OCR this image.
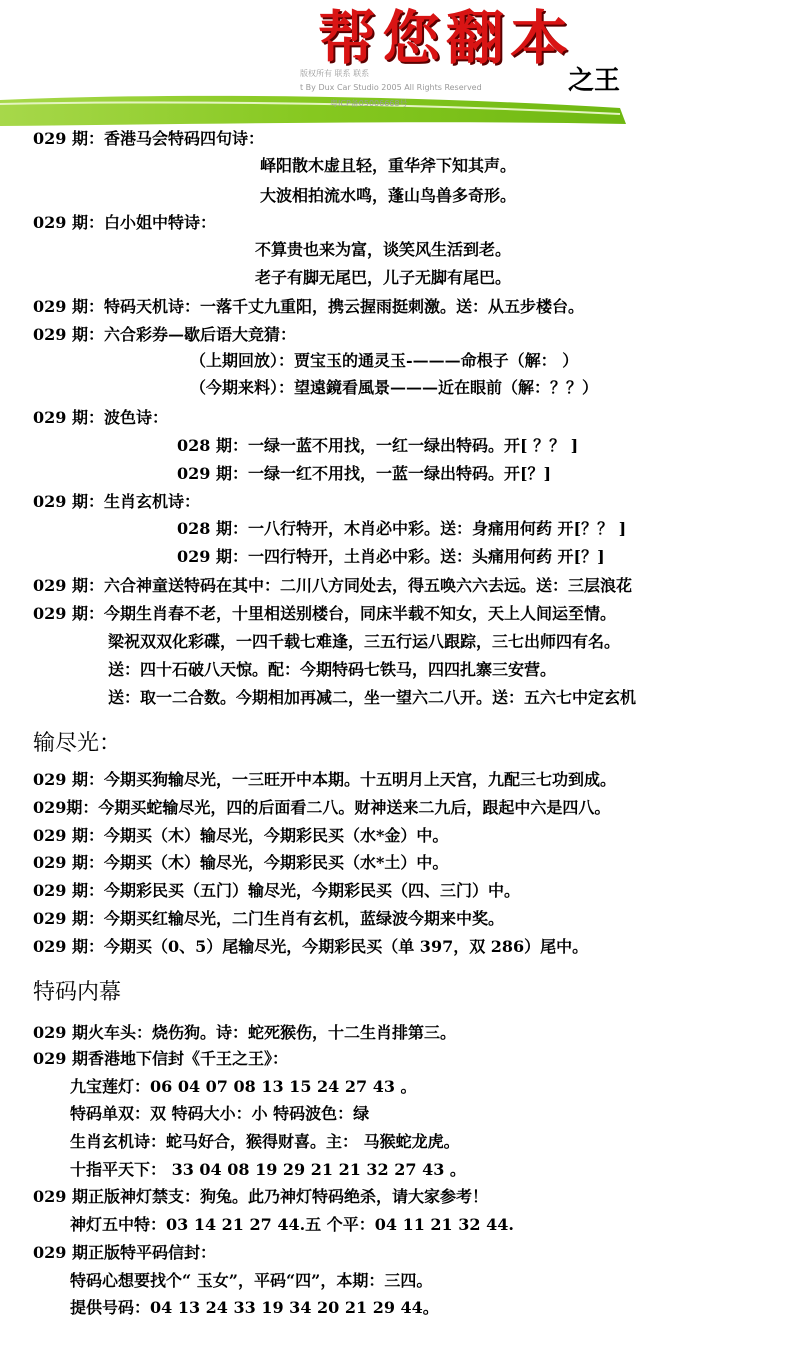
帮您翻本
之王
版权所有 联系 联系
t By Dux Car Studio 2005 All Rights Reserved
粤ICP备05006668号
029 期：香港马会特码四句诗：
峄阳散木虚且轻，重华斧下知其声。
大波相拍流水鸣，蓬山鸟兽多奇形。
029 期：白小姐中特诗：
不算贵也来为富，谈笑风生活到老。
老子有脚无尾巴，儿子无脚有尾巴。
029 期：特码天机诗：一落千丈九重阳，携云握雨挺刺激。送：从五步楼台。
029 期：六合彩券—歇后语大竞猜：
（上期回放）：贾宝玉的通灵玉-———命根子（解： ）
（今期来料）：望遠鏡看風景———近在眼前（解：？？）
029 期：波色诗：
028 期：一绿一蓝不用找，一红一绿出特码。开[ ？？ ]
029 期：一绿一红不用找，一蓝一绿出特码。开[？]
029 期：生肖玄机诗：
028 期：一八行特开，木肖必中彩。送：身痛用何药 开[？？ ]
029 期：一四行特开，土肖必中彩。送：头痛用何药 开[？]
029 期：六合神童送特码在其中：二川八方同处去，得五唤六六去远。送：三层浪花
029 期：今期生肖春不老，十里相送别楼台，同床半载不知女，天上人间运至情。
梁祝双双化彩碟，一四千载七难逢，三五行运八跟踪，三七出师四有名。
送：四十石破八天惊。配：今期特码七铁马，四四扎寨三安营。
送：取一二合数。今期相加再减二，坐一望六二八开。送：五六七中定玄机
029 期：今期买狗输尽光，一三旺开中本期。十五明月上天宫，九配三七功到成。
029期：今期买蛇输尽光，四的后面看二八。财神送来二九后，跟起中六是四八。
029 期：今期买（木）输尽光，今期彩民买（水*金）中。
029 期：今期买（木）输尽光，今期彩民买（水*土）中。
029 期：今期彩民买（五门）输尽光，今期彩民买（四、三门）中。
029 期：今期买红输尽光，二门生肖有玄机，蓝绿波今期来中奖。
029 期：今期买（0、5）尾输尽光，今期彩民买（单 397，双 286）尾中。
029 期火车头：烧伤狗。诗：蛇死猴伤，十二生肖排第三。
029 期香港地下信封《千王之王》：
九宝莲灯：06 04 07 08 13 15 24 27 43 。
特码单双：双 特码大小：小 特码波色：绿
生肖玄机诗：蛇马好合，猴得财喜。主： 马猴蛇龙虎。
十指平天下： 33 04 08 19 29 21 21 32 27 43 。
029 期正版神灯禁支：狗兔。此乃神灯特码绝杀，请大家参考！
神灯五中特：03 14 21 27 44.五 个平：04 11 21 32 44.
029 期正版特平码信封：
特码心想要找个“ 玉女”，平码“四”，本期：三四。
提供号码：04 13 24 33 19 34 20 21 29 44。
输尽光：
特码内幕
